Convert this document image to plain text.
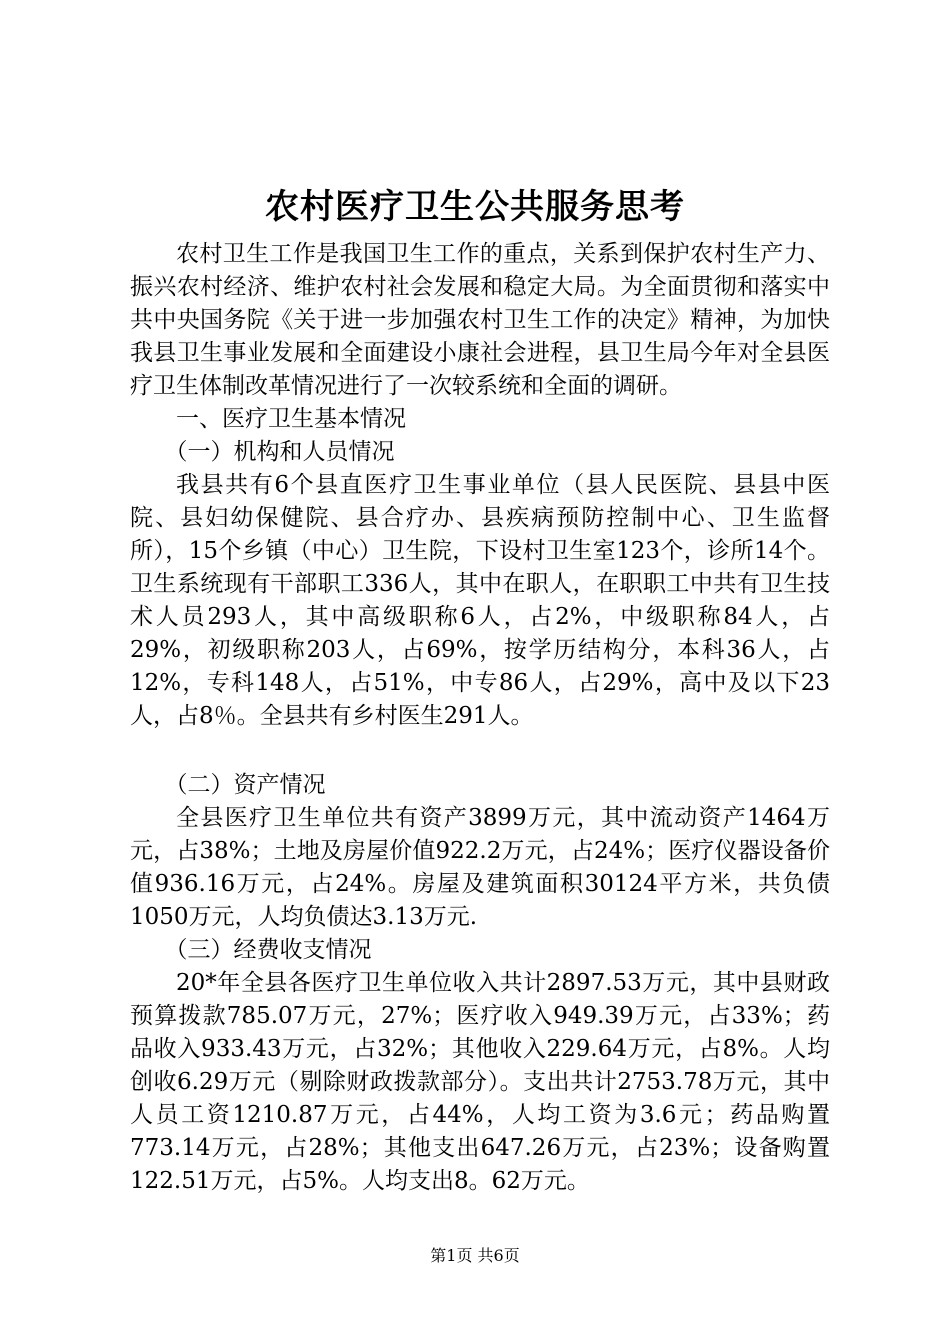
农村医疗卫生公共服务思考

农村卫生工作是我国卫生工作的重点，关系到保护农村生产力、振兴农村经济、维护农村社会发展和稳定大局。为全面贯彻和落实中共中央国务院《关于进一步加强农村卫生工作的决定》精神，为加快我县卫生事业发展和全面建设小康社会进程，县卫生局今年对全县医疗卫生体制改革情况进行了一次较系统和全面的调研。

一、医疗卫生基本情况

（一）机构和人员情况

我县共有6个县直医疗卫生事业单位（县人民医院、县县中医院、县妇幼保健院、县合疗办、县疾病预防控制中心、卫生监督所），15个乡镇（中心）卫生院，下设村卫生室123个，诊所14个。卫生系统现有干部职工336人，其中在职人，在职职工中共有卫生技术人员293人，其中高级职称6人，占2%，中级职称84人，占29%，初级职称203人，占69%，按学历结构分，本科36人，占12%，专科148人，占51%，中专86人，占29%，高中及以下23人，占8％。全县共有乡村医生291人。

（二）资产情况

全县医疗卫生单位共有资产3899万元，其中流动资产1464万元，占38%；土地及房屋价值922.2万元，占24%；医疗仪器设备价值936.16万元，占24%。房屋及建筑面积30124平方米，共负债1050万元，人均负债达3.13万元.

（三）经费收支情况

20*年全县各医疗卫生单位收入共计2897.53万元，其中县财政预算拨款785.07万元，27%；医疗收入949.39万元，占33%；药品收入933.43万元，占32%；其他收入229.64万元，占8%。人均创收6.29万元（剔除财政拨款部分）。支出共计2753.78万元，其中人员工资1210.87万元，占44%，人均工资为3.6元；药品购置773.14万元，占28%；其他支出647.26万元，占23%；设备购置122.51万元，占5%。人均支出8。62万元。

第1页 共6页
